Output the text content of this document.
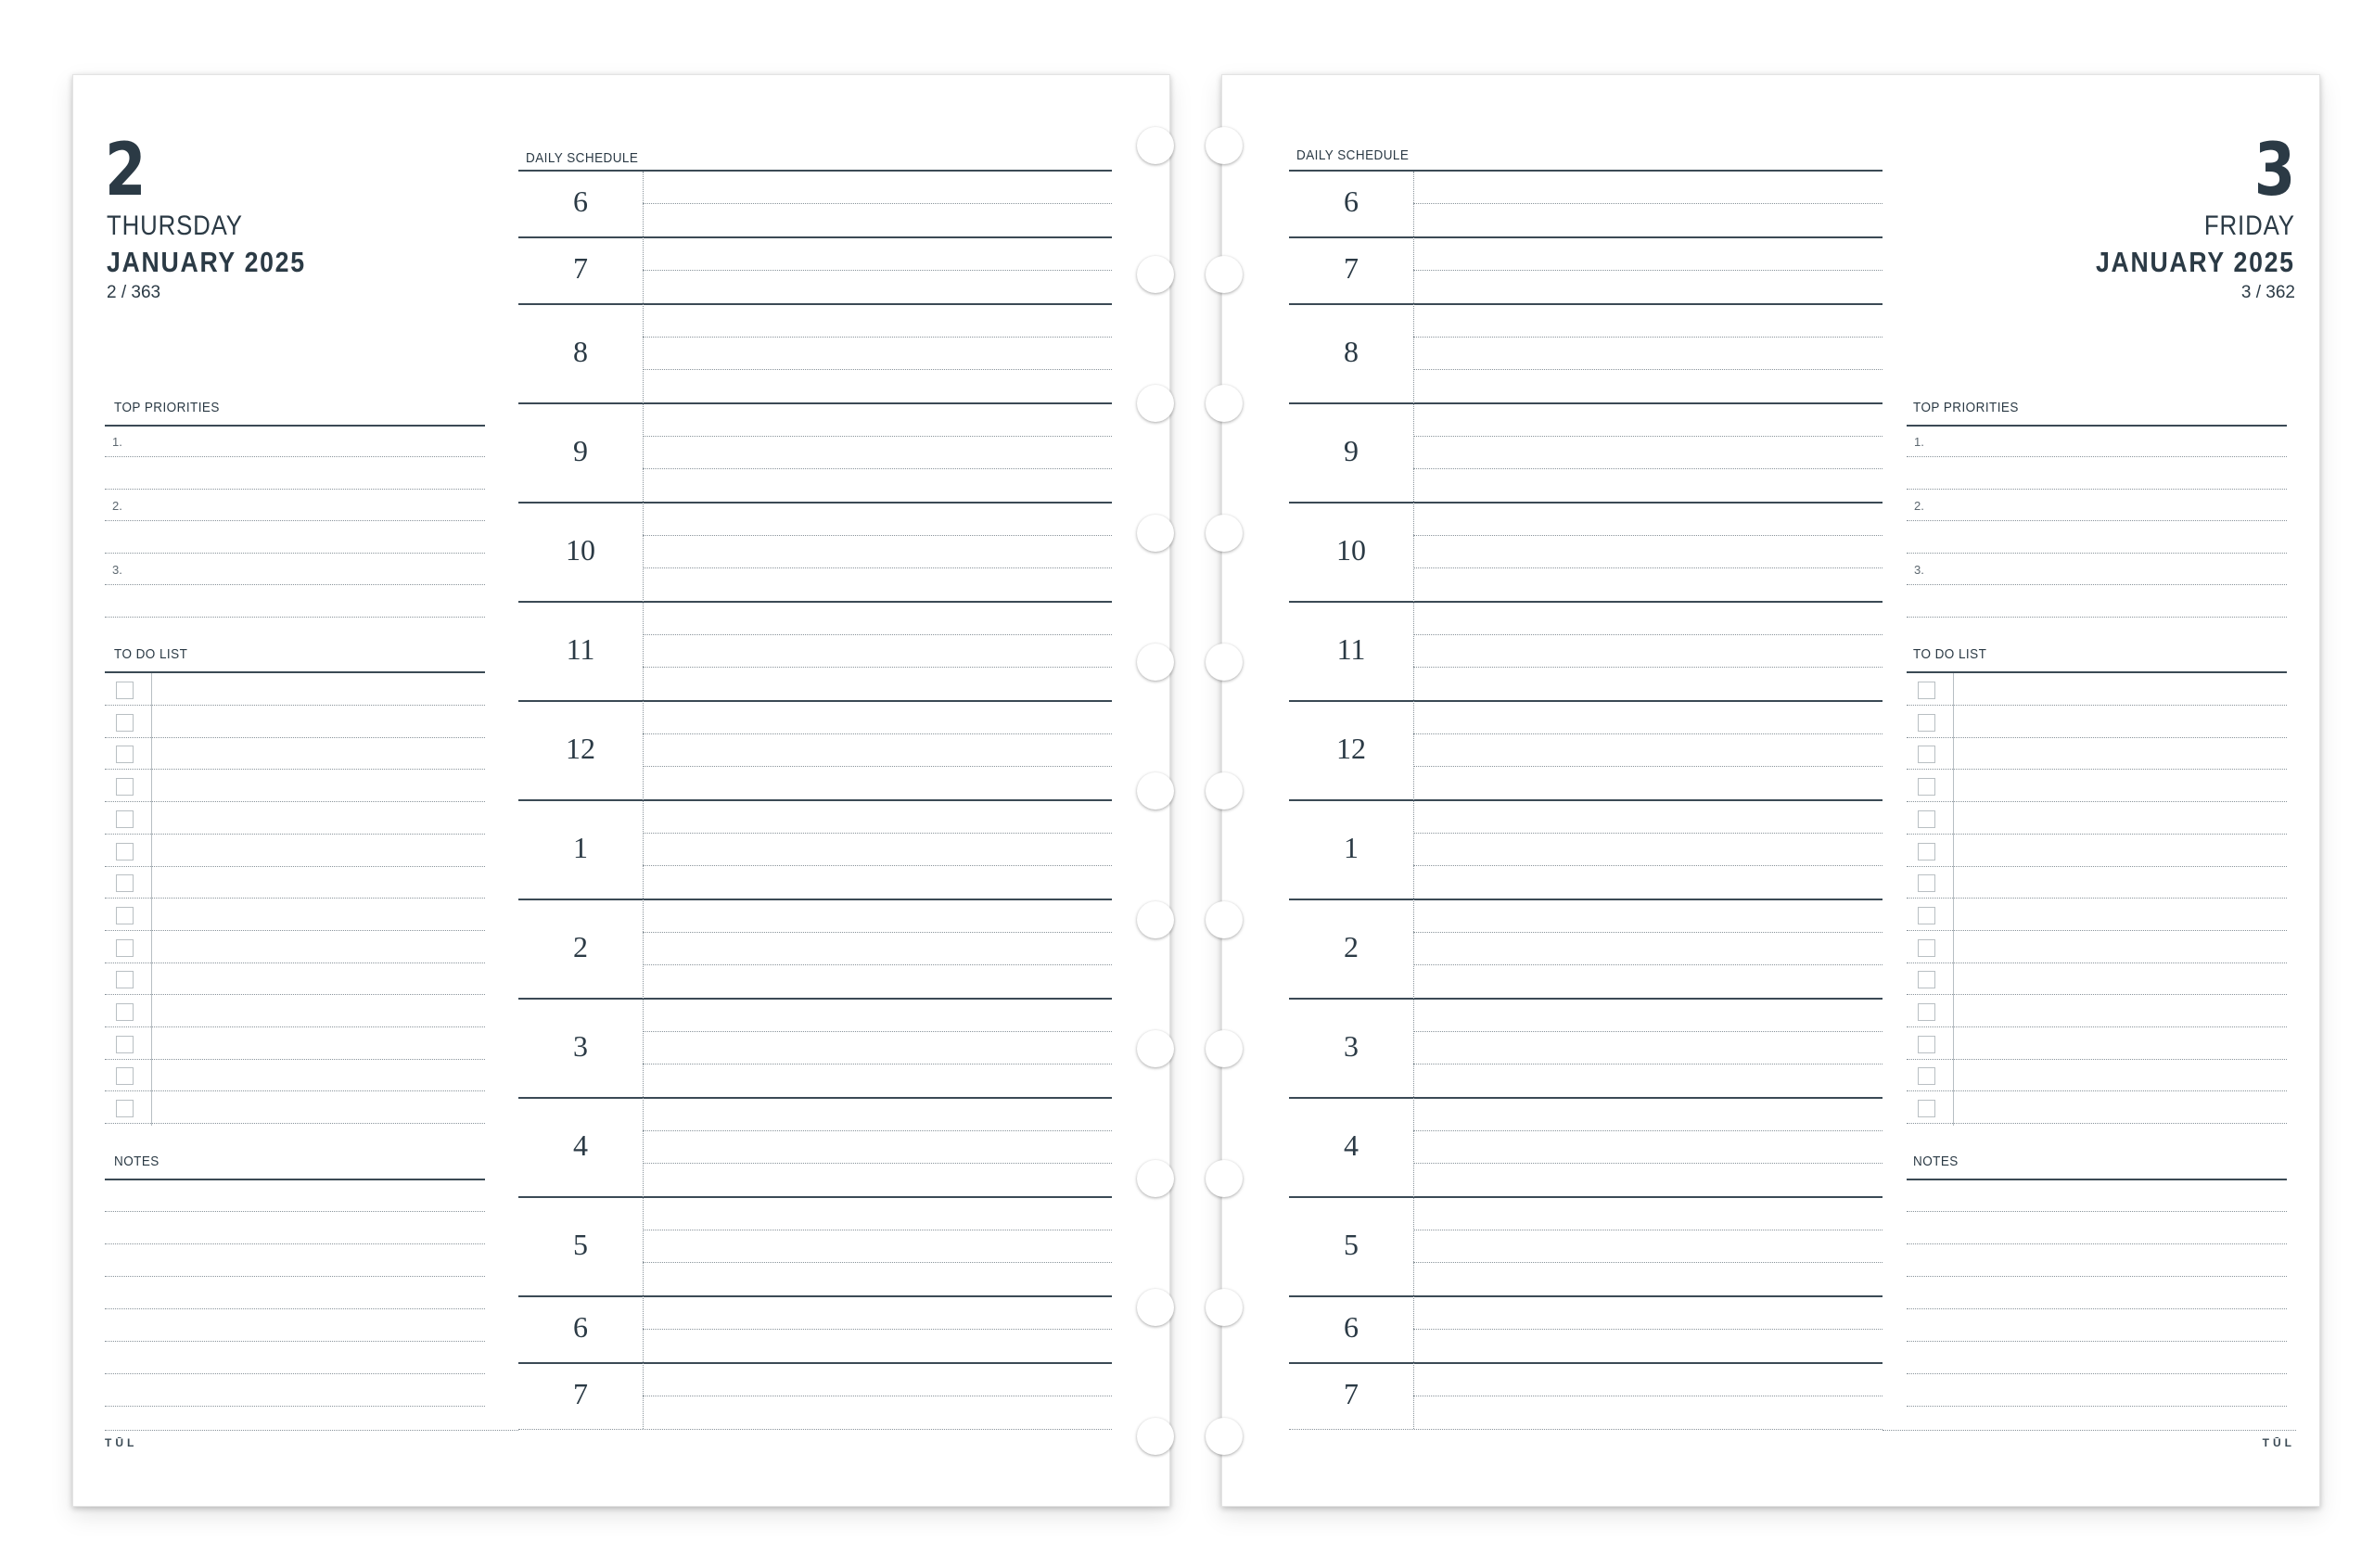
2
THURSDAY
JANUARY 2025
2 / 363
TOP PRIORITIES
TO DO LIST
NOTES
DAILY SCHEDULE
1.
2.
3.
6
7
8
9
10
11
12
1
2
3
4
5
6
7
TŪL
3
FRIDAY
JANUARY 2025
3 / 362
TOP PRIORITIES
TO DO LIST
NOTES
DAILY SCHEDULE
1.
2.
3.
6
7
8
9
10
11
12
1
2
3
4
5
6
7
TŪL
